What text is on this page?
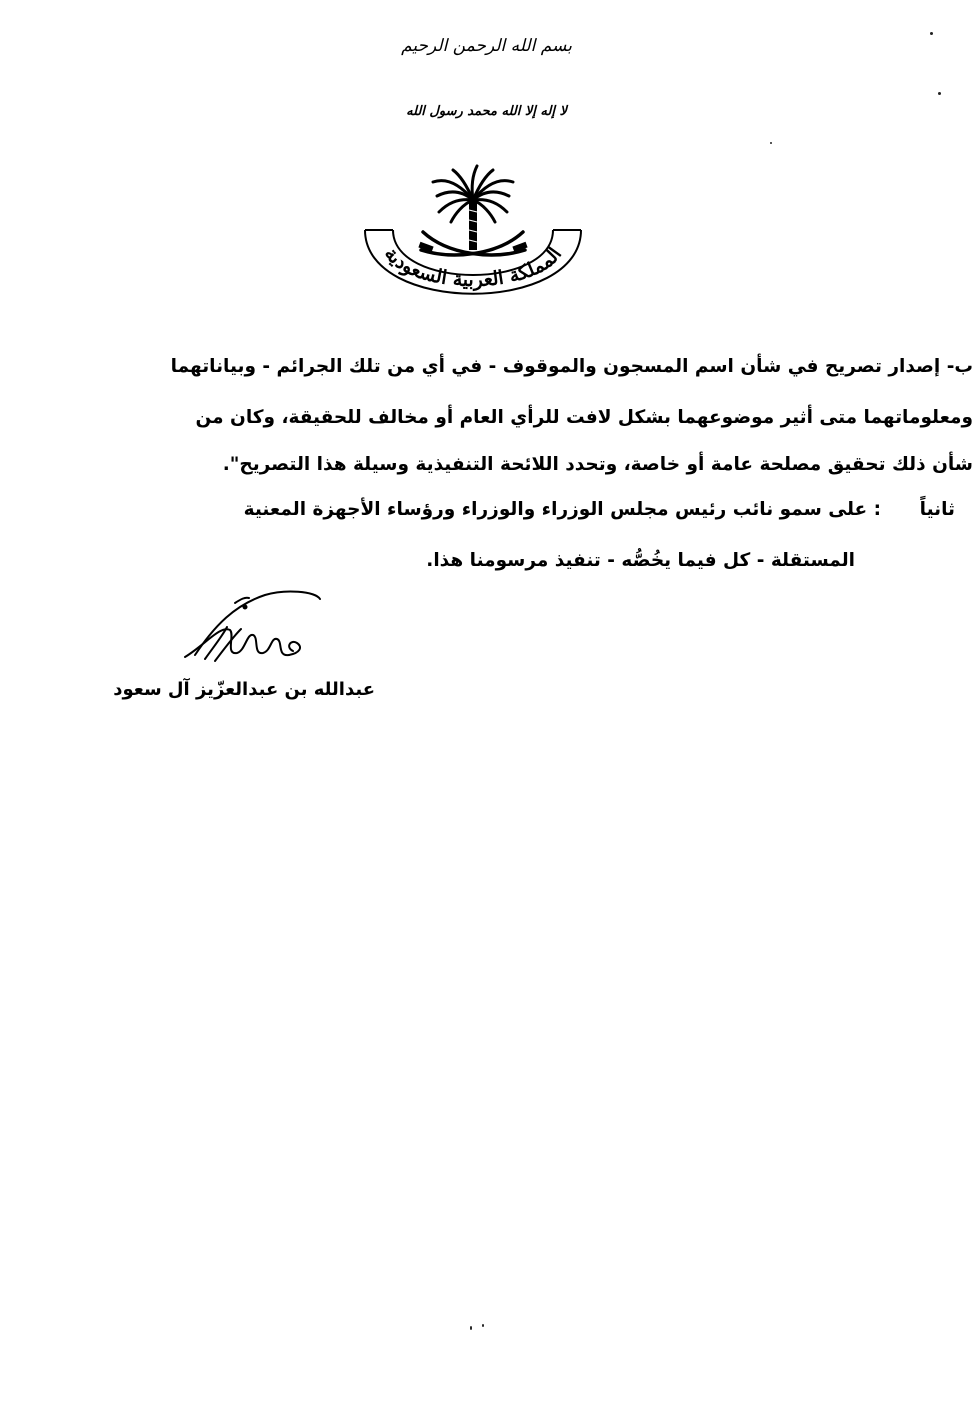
بسم الله الرحمن الرحيم
لا إله إلا الله محمد رسول الله
المملكة العربية السعودية
ب- إصدار تصريح في شأن اسم المسجون والموقوف - في أي من تلك الجرائم - وبياناتهما
ومعلوماتهما متى أثير موضوعهما بشكل لافت للرأي العام أو مخالف للحقيقة، وكان من
شأن ذلك تحقيق مصلحة عامة أو خاصة، وتحدد اللائحة التنفيذية وسيلة هذا التصريح".
ثانياً
: على سمو نائب رئيس مجلس الوزراء والوزراء ورؤساء الأجهزة المعنية
المستقلة - كل فيما يخُصُّه - تنفيذ مرسومنا هذا.
عبدالله بن عبدالعزّيز آل سعود
